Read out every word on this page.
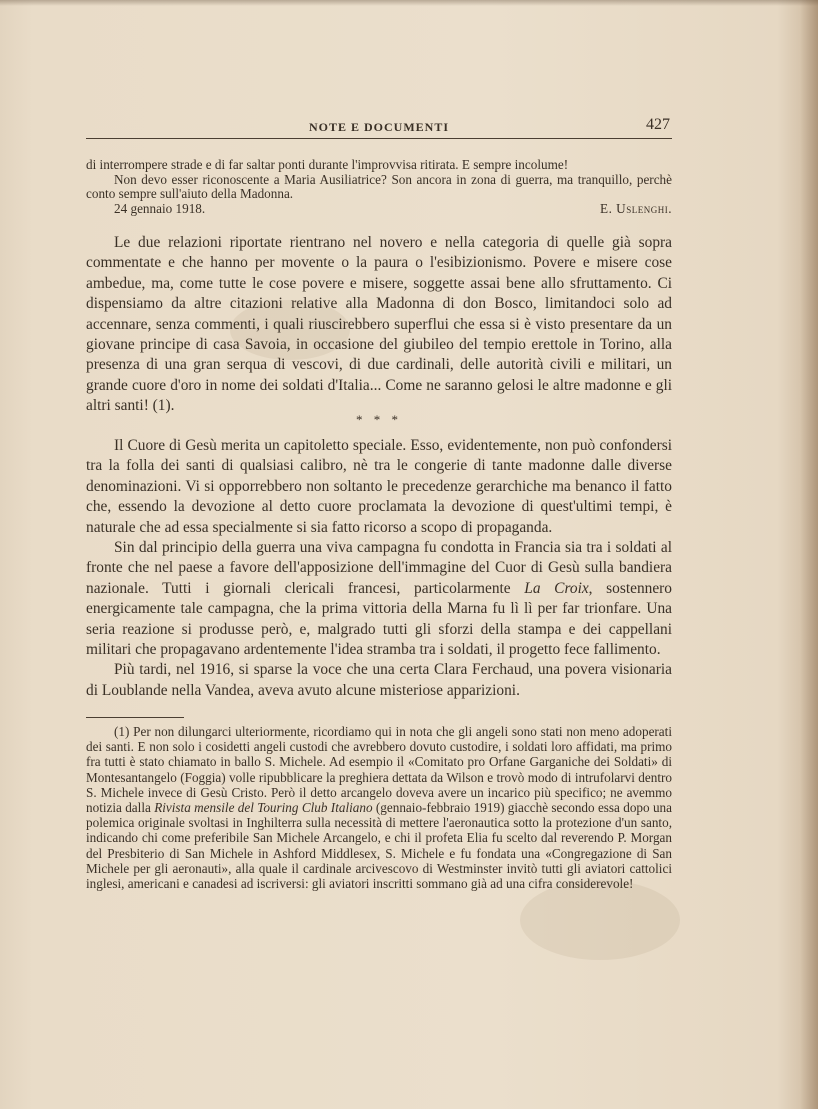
NOTE E DOCUMENTI	427

di interrompere strade e di far saltar ponti durante l'improvvisa ritirata. E sempre incolume!

Non devo esser riconoscente a Maria Ausiliatrice? Son ancora in zona di guerra, ma tranquillo, perchè conto sempre sull'aiuto della Madonna.

24 gennaio 1918.	E. Uslenghi.

Le due relazioni riportate rientrano nel novero e nella categoria di quelle già sopra commentate e che hanno per movente o la paura o l'esibizionismo. Povere e misere cose ambedue, ma, come tutte le cose povere e misere, soggette assai bene allo sfruttamento. Ci dispensiamo da altre citazioni relative alla Madonna di don Bosco, limitandoci solo ad accennare, senza commenti, i quali riuscirebbero superflui che essa si è visto presentare da un giovane principe di casa Savoia, in occasione del giubileo del tempio erettole in Torino, alla presenza di una gran serqua di vescovi, di due cardinali, delle autorità civili e militari, un grande cuore d'oro in nome dei soldati d'Italia... Come ne saranno gelosi le altre madonne e gli altri santi! (1).

* * *

Il Cuore di Gesù merita un capitoletto speciale. Esso, evidentemente, non può confondersi tra la folla dei santi di qualsiasi calibro, nè tra le congerie di tante madonne dalle diverse denominazioni. Vi si opporrebbero non soltanto le precedenze gerarchiche ma benanco il fatto che, essendo la devozione al detto cuore proclamata la devozione di quest'ultimi tempi, è naturale che ad essa specialmente si sia fatto ricorso a scopo di propaganda.

Sin dal principio della guerra una viva campagna fu condotta in Francia sia tra i soldati al fronte che nel paese a favore dell'apposizione dell'immagine del Cuor di Gesù sulla bandiera nazionale. Tutti i giornali clericali francesi, particolarmente La Croix, sostennero energicamente tale campagna, che la prima vittoria della Marna fu lì lì per far trionfare. Una seria reazione si produsse però, e, malgrado tutti gli sforzi della stampa e dei cappellani militari che propagavano ardentemente l'idea stramba tra i soldati, il progetto fece fallimento.

Più tardi, nel 1916, si sparse la voce che una certa Clara Ferchaud, una povera visionaria di Loublande nella Vandea, aveva avuto alcune misteriose apparizioni.

(1) Per non dilungarci ulteriormente, ricordiamo qui in nota che gli angeli sono stati non meno adoperati dei santi. E non solo i cosidetti angeli custodi che avrebbero dovuto custodire, i soldati loro affidati, ma primo fra tutti è stato chiamato in ballo S. Michele. Ad esempio il «Comitato pro Orfane Garganiche dei Soldati» di Montesantangelo (Foggia) volle ripubblicare la preghiera dettata da Wilson e trovò modo di intrufolarvi dentro S. Michele invece di Gesù Cristo. Però il detto arcangelo doveva avere un incarico più specifico; ne avemmo notizia dalla Rivista mensile del Touring Club Italiano (gennaio-febbraio 1919) giacchè secondo essa dopo una polemica originale svoltasi in Inghilterra sulla necessità di mettere l'aeronautica sotto la protezione d'un santo, indicando chi come preferibile San Michele Arcangelo, e chi il profeta Elia fu scelto dal reverendo P. Morgan del Presbiterio di San Michele in Ashford Middlesex, S. Michele e fu fondata una «Congregazione di San Michele per gli aeronauti», alla quale il cardinale arcivescovo di Westminster invitò tutti gli aviatori cattolici inglesi, americani e canadesi ad iscriversi: gli aviatori inscritti sommano già ad una cifra considerevole!
